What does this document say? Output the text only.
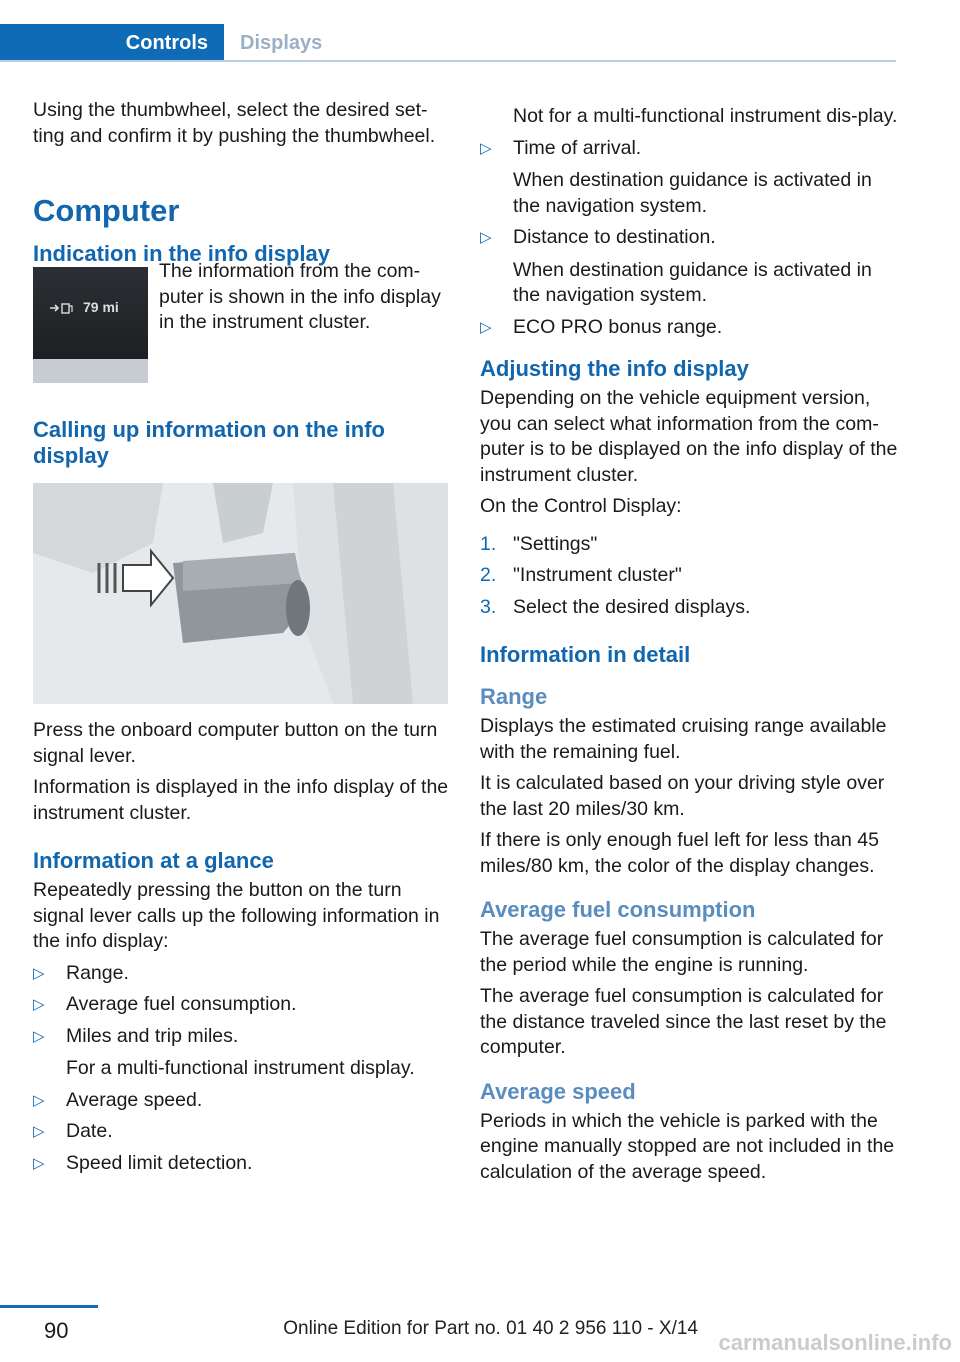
Controls	Displays

Using the thumbwheel, select the desired set‐ting and confirm it by pushing the thumbwheel.

Computer
Indication in the info display
79 mi

The information from the com‐puter is shown in the info display in the instrument cluster.

Calling up information on the info display

Press the onboard computer button on the turn signal lever.

Information is displayed in the info display of the instrument cluster.

Information at a glance

Repeatedly pressing the button on the turn signal lever calls up the following information in the info display:

▷ Range.
▷ Average fuel consumption.
▷ Miles and trip miles.
For a multi-functional instrument display.
▷ Average speed.
▷ Date.
▷ Speed limit detection.
Not for a multi-functional instrument dis‐play.
▷ Time of arrival.
When destination guidance is activated in the navigation system.
▷ Distance to destination.
When destination guidance is activated in the navigation system.
▷ ECO PRO bonus range.
Adjusting the info display

Depending on the vehicle equipment version, you can select what information from the com‐puter is to be displayed on the info display of the instrument cluster.

On the Control Display:

1. "Settings"
2. "Instrument cluster"
3. Select the desired displays.
Information in detail
Range

Displays the estimated cruising range available with the remaining fuel.

It is calculated based on your driving style over the last 20 miles/30 km.

If there is only enough fuel left for less than 45 miles/80 km, the color of the display changes.

Average fuel consumption

The average fuel consumption is calculated for the period while the engine is running.

The average fuel consumption is calculated for the distance traveled since the last reset by the computer.

Average speed

Periods in which the vehicle is parked with the engine manually stopped are not included in the calculation of the average speed.

90	Online Edition for Part no. 01 40 2 956 110 - X/14
carmanualsonline.info
